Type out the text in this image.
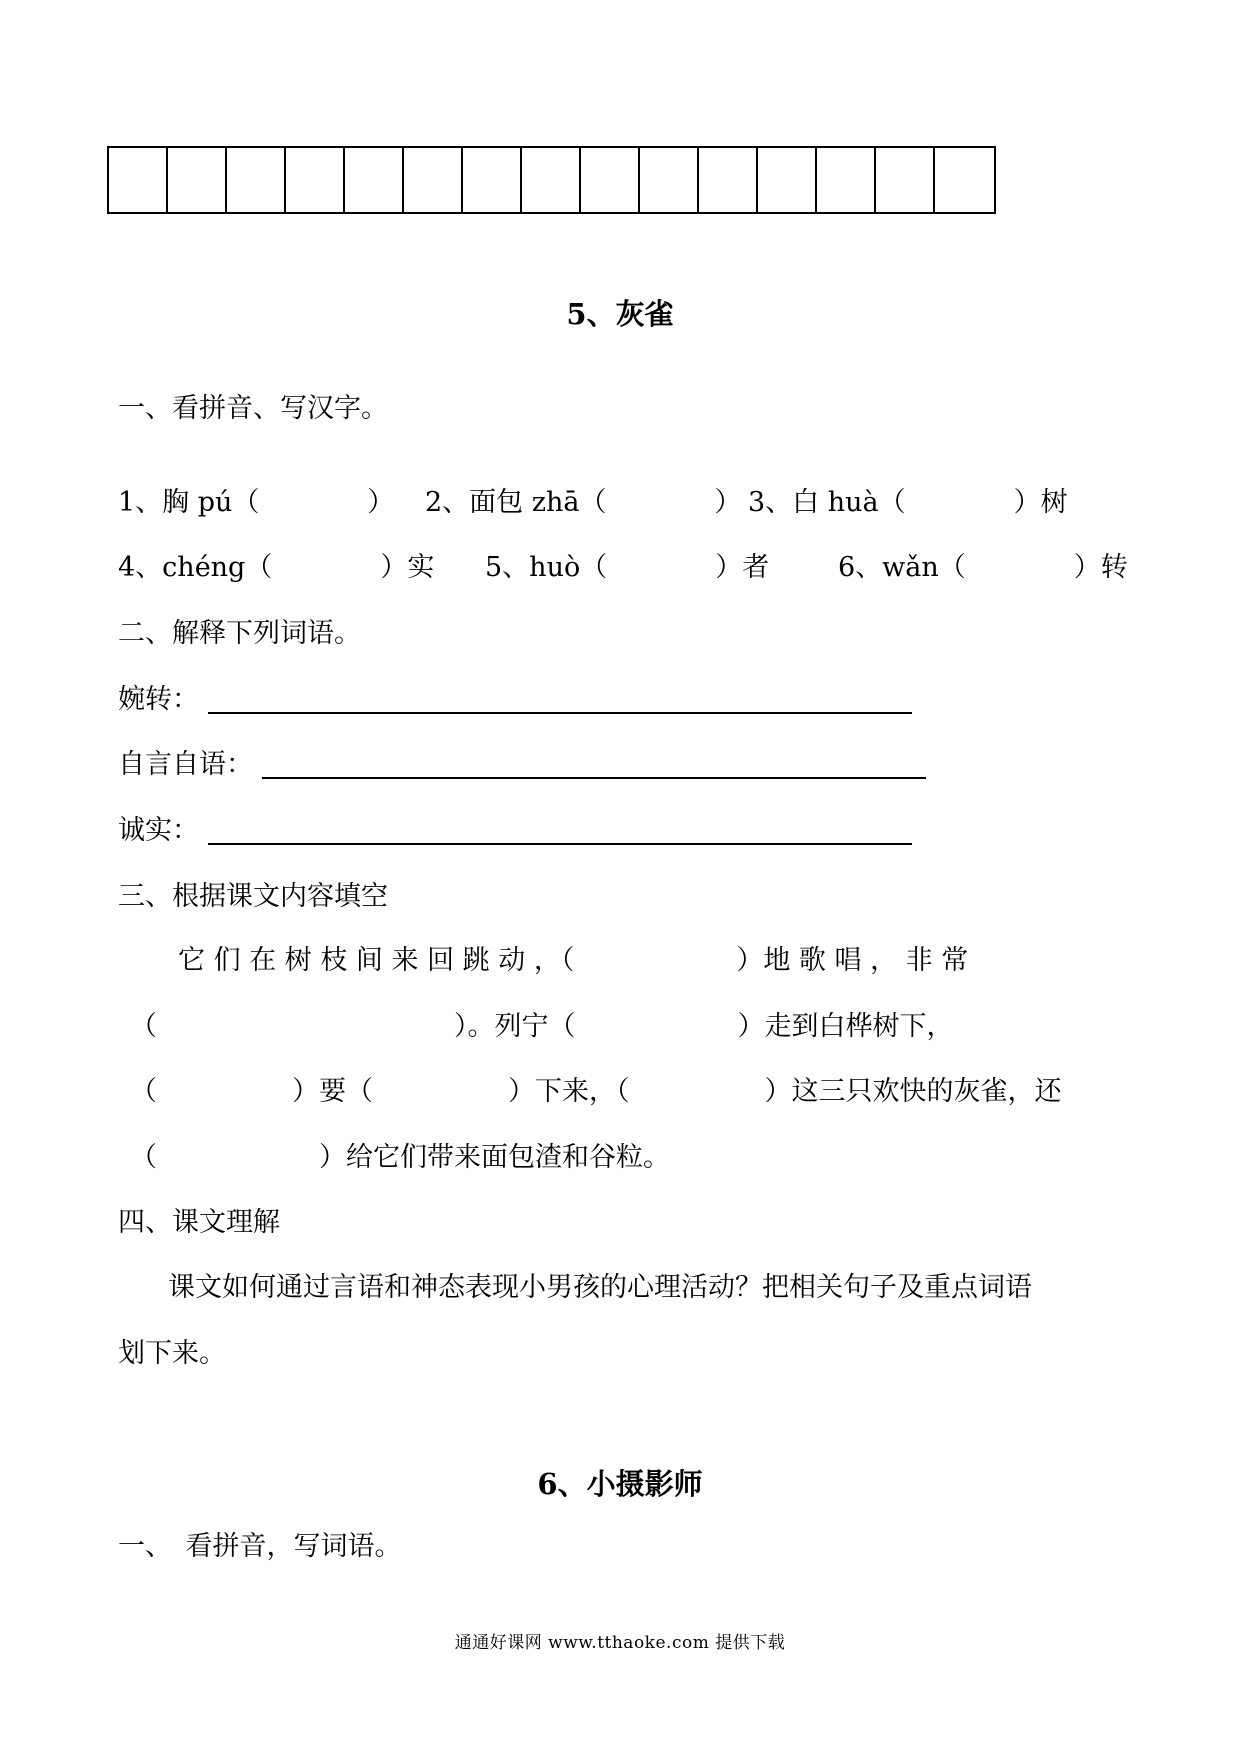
5、灰雀
一、看拼音、写汉字。
1、胸 pú（　　　　） 2、面包 zhā（　　　　） 3、白 huà（　　　　）树
4、chéng（　　　　）实 5、huò（　　　　）者	6、wǎn（　　　　）转
二、解释下列词语。
婉转：
自言自语：
诚实：
三、根据课文内容填空
它 们 在 树 枝 间 来 回 跳 动 ，（　　　　　　）地 歌 唱 ， 非 常
（　　　　　　　　　　　）。列宁（　　　　　　）走到白桦树下，
（　　　　　）要（　　　　　）下来，（　　　　　）这三只欢快的灰雀，还
（　　　　　　）给它们带来面包渣和谷粒。
四、课文理解
课文如何通过言语和神态表现小男孩的心理活动？把相关句子及重点词语
划下来。
6、小摄影师
一、　看拼音，写词语。
通通好课网 www.tthaoke.com 提供下载
